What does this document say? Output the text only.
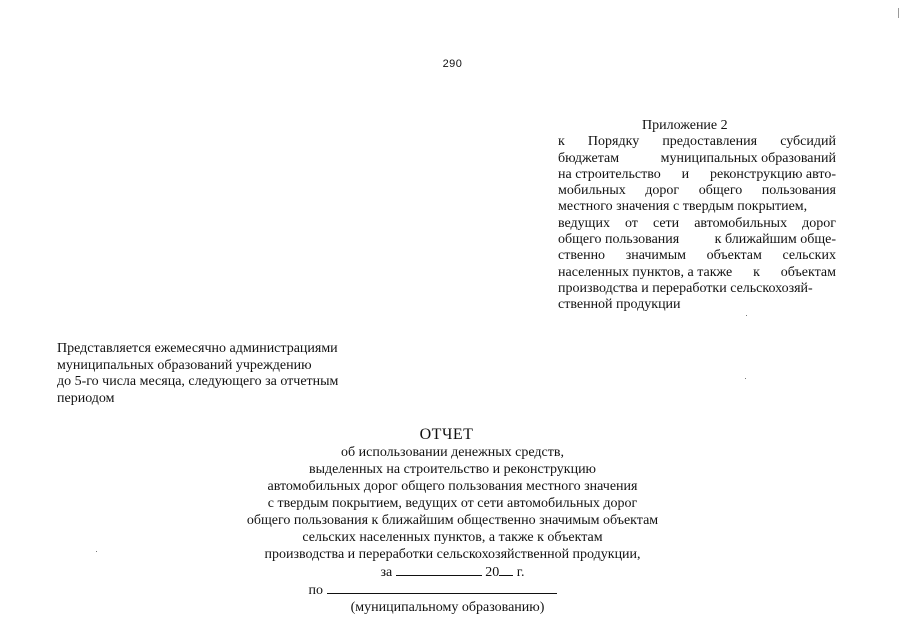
290
Приложение 2
к Порядку предоставления субсидий
бюджетам	муниципальных образований
на строительство и реконструкцию авто-
мобильных дорог общего пользования
местного значения с твердым покрытием,
ведущих от сети автомобильных дорог
общего пользования	к ближайшим обще-
ственно значимым объектам сельских
населенных пунктов, а также к объектам
производства и переработки сельскохозяй-
ственной продукции
Представляется ежемесячно администрациями
муниципальных образований учреждению
до 5-го числа месяца, следующего за отчетным
периодом
ОТЧЕТ
об использовании денежных средств,
выделенных на строительство и реконструкцию
автомобильных дорог общего пользования местного значения
с твердым покрытием, ведущих от сети автомобильных дорог
общего пользования к ближайшим общественно значимым объектам
сельских населенных пунктов, а также к объектам
производства и переработки сельскохозяйственной продукции,
за	20 г.
по
(муниципальному образованию)
